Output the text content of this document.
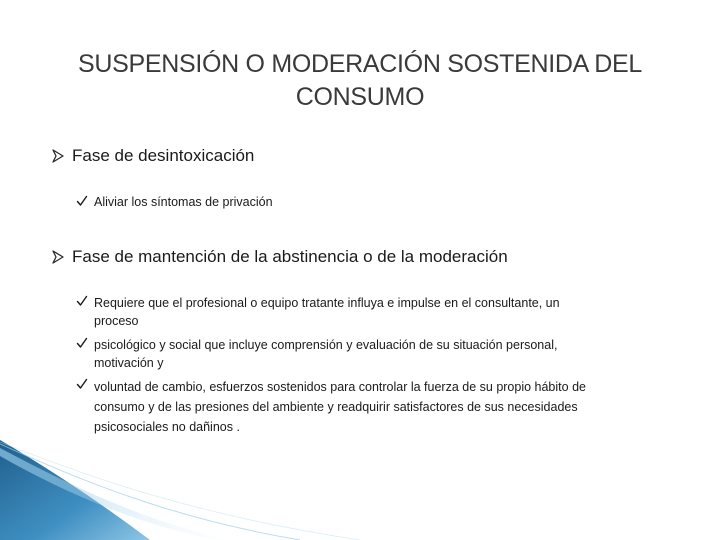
SUSPENSIÓN O MODERACIÓN SOSTENIDA DEL
CONSUMO
Fase de desintoxicación
Aliviar los síntomas de privación
Fase de mantención de la abstinencia o de la moderación
Requiere que el profesional o equipo tratante influya e impulse en el consultante, un
proceso
psicológico y social que incluye comprensión y evaluación de su situación personal,
motivación y
voluntad de cambio, esfuerzos sostenidos para controlar la fuerza de su propio hábito de
consumo y de las presiones del ambiente y readquirir satisfactores de sus necesidades
psicosociales no dañinos .
